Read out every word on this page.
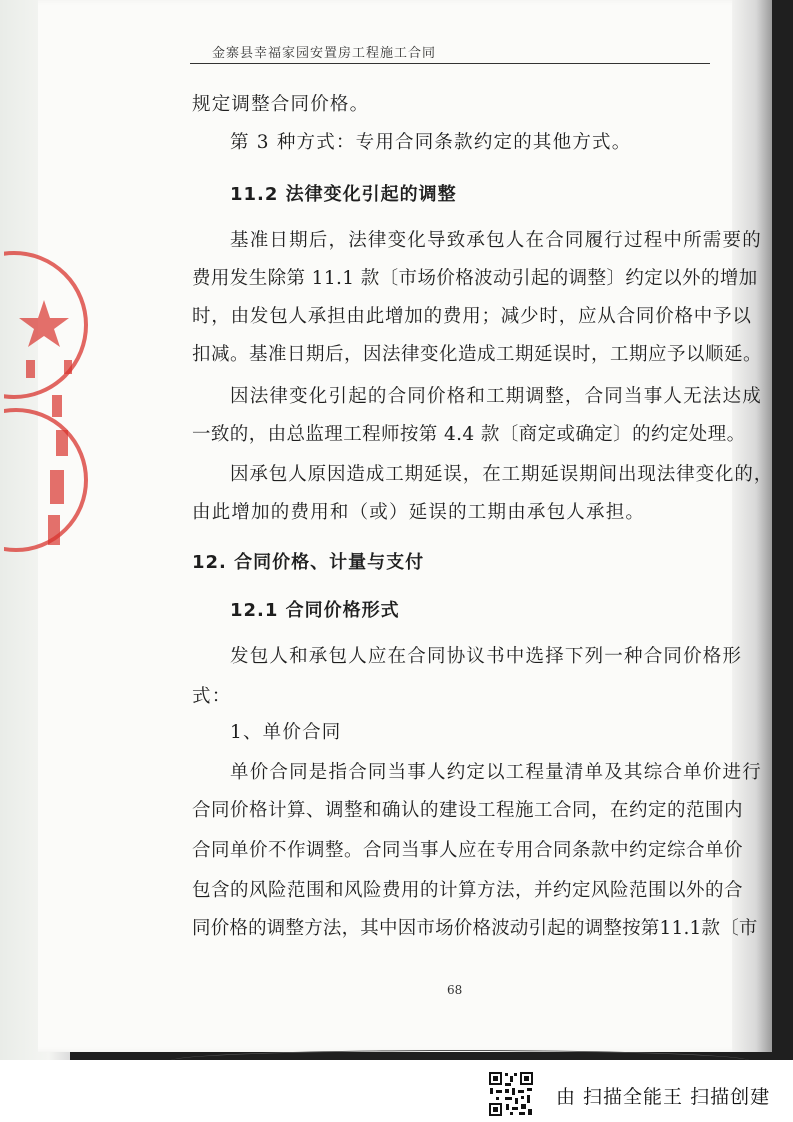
金寨县幸福家园安置房工程施工合同
规定调整合同价格。
第 3 种方式：专用合同条款约定的其他方式。
11.2 法律变化引起的调整
基准日期后，法律变化导致承包人在合同履行过程中所需要的
费用发生除第 11.1 款〔市场价格波动引起的调整〕约定以外的增加
时，由发包人承担由此增加的费用；减少时，应从合同价格中予以
扣减。基准日期后，因法律变化造成工期延误时，工期应予以顺延。
因法律变化引起的合同价格和工期调整，合同当事人无法达成
一致的，由总监理工程师按第 4.4 款〔商定或确定〕的约定处理。
因承包人原因造成工期延误，在工期延误期间出现法律变化的，
由此增加的费用和（或）延误的工期由承包人承担。
12. 合同价格、计量与支付
12.1 合同价格形式
发包人和承包人应在合同协议书中选择下列一种合同价格形
式：
1、单价合同
单价合同是指合同当事人约定以工程量清单及其综合单价进行
合同价格计算、调整和确认的建设工程施工合同，在约定的范围内
合同单价不作调整。合同当事人应在专用合同条款中约定综合单价
包含的风险范围和风险费用的计算方法，并约定风险范围以外的合
同价格的调整方法，其中因市场价格波动引起的调整按第11.1款〔市
68
由 扫描全能王 扫描创建
